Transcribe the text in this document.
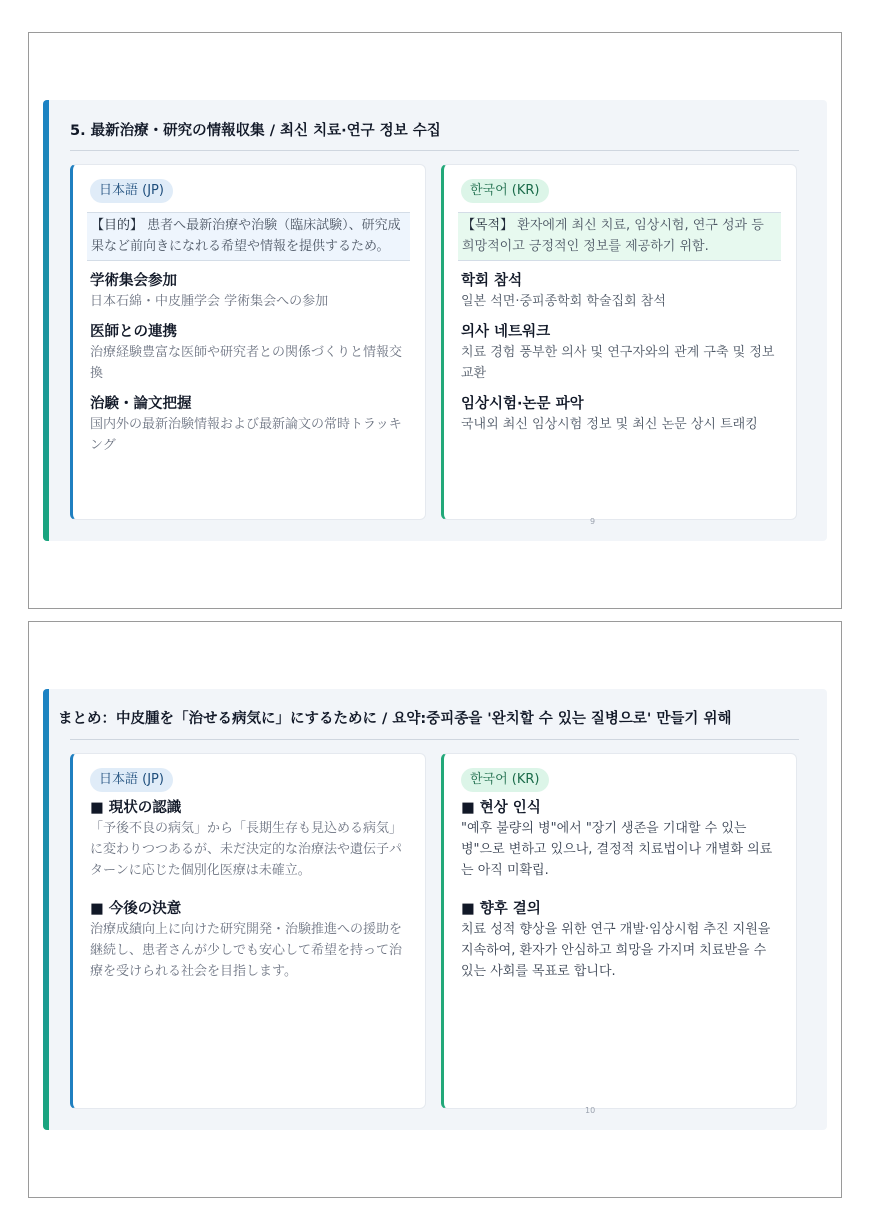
5. 最新治療・研究の情報収集 / 최신 치료·연구 정보 수집
日本語 (JP)
【目的】 患者へ最新治療や治験（臨床試験）、研究成果など前向きになれる希望や情報を提供するため。
学術集会参加
日本石綿・中皮腫学会 学術集会への参加
医師との連携
治療経験豊富な医師や研究者との関係づくりと情報交換
治験・論文把握
国内外の最新治験情報および最新論文の常時トラッキング
한국어 (KR)
【목적】 환자에게 최신 치료, 임상시험, 연구 성과 등 희망적이고 긍정적인 정보를 제공하기 위함.
학회 참석
일본 석면·중피종학회 학술집회 참석
의사 네트워크
치료 경험 풍부한 의사 및 연구자와의 관계 구축 및 정보 교환
임상시험·논문 파악
국내외 최신 임상시험 정보 및 최신 논문 상시 트래킹
9
まとめ：中皮腫を「治せる病気に」にするために / 요약:중피종을 '완치할 수 있는 질병으로' 만들기 위해
日本語 (JP)
■ 現状の認識
「予後不良の病気」から「長期生存も見込める病気」に変わりつつあるが、未だ決定的な治療法や遺伝子パターンに応じた個別化医療は未確立。
■ 今後の決意
治療成績向上に向けた研究開発・治験推進への援助を継続し、患者さんが少しでも安心して希望を持って治療を受けられる社会を目指します。
한국어 (KR)
■ 현상 인식
"예후 불량의 병"에서 "장기 생존을 기대할 수 있는 병"으로 변하고 있으나, 결정적 치료법이나 개별화 의료는 아직 미확립.
■ 향후 결의
치료 성적 향상을 위한 연구 개발·임상시험 추진 지원을 지속하여, 환자가 안심하고 희망을 가지며 치료받을 수 있는 사회를 목표로 합니다.
10
